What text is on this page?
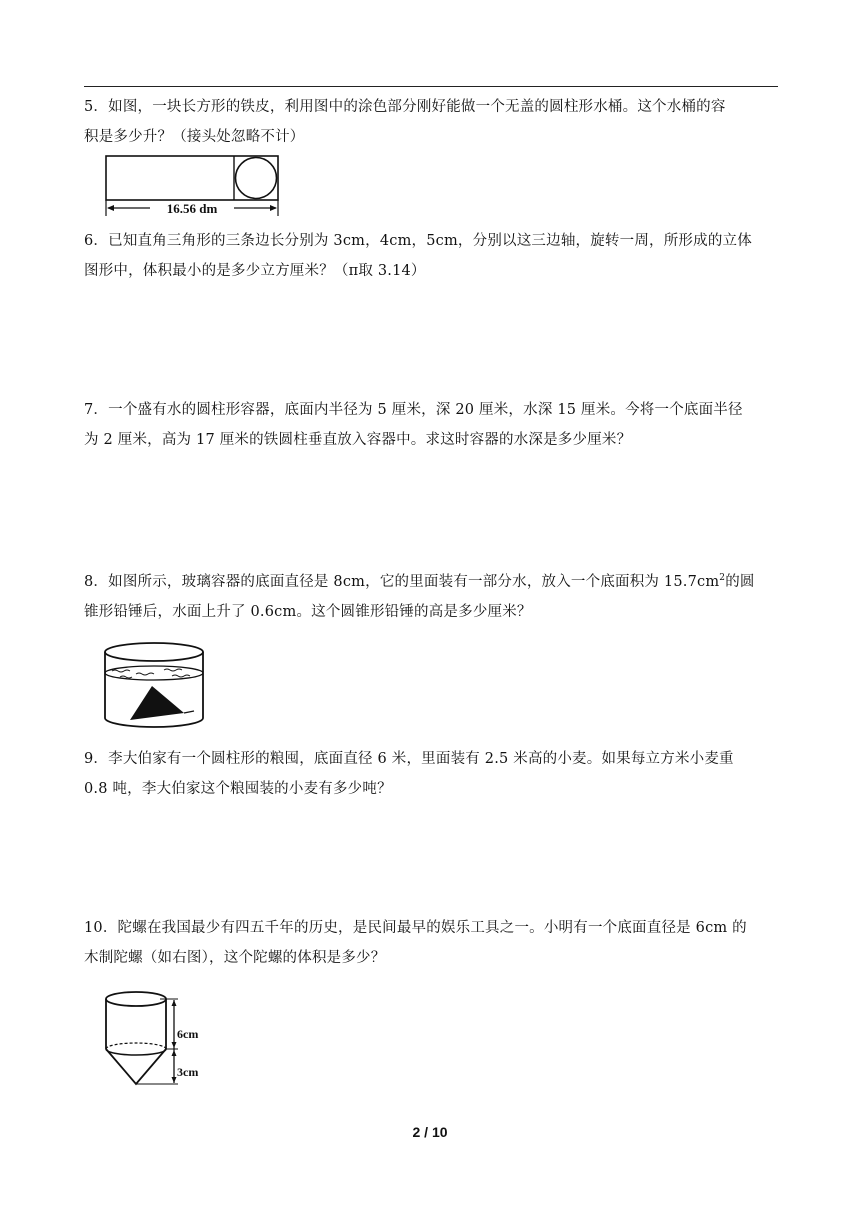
5．如图，一块长方形的铁皮，利用图中的涂色部分刚好能做一个无盖的圆柱形水桶。这个水桶的容
积是多少升？（接头处忽略不计）
16.56 dm
6．已知直角三角形的三条边长分别为 3cm，4cm，5cm，分别以这三边轴，旋转一周，所形成的立体
图形中，体积最小的是多少立方厘米？（π取 3.14）
7．一个盛有水的圆柱形容器，底面内半径为 5 厘米，深 20 厘米，水深 15 厘米。今将一个底面半径
为 2 厘米，高为 17 厘米的铁圆柱垂直放入容器中。求这时容器的水深是多少厘米？
8．如图所示，玻璃容器的底面直径是 8cm，它的里面装有一部分水，放入一个底面积为 $15.7cm^2$的圆
锥形铅锤后，水面上升了 0.6cm。这个圆锥形铅锤的高是多少厘米？
9．李大伯家有一个圆柱形的粮囤，底面直径 6 米，里面装有 2.5 米高的小麦。如果每立方米小麦重
0.8 吨，李大伯家这个粮囤装的小麦有多少吨？
10．陀螺在我国最少有四五千年的历史，是民间最早的娱乐工具之一。小明有一个底面直径是 6cm 的
木制陀螺（如右图），这个陀螺的体积是多少？
6cm
3cm
2 / 10
